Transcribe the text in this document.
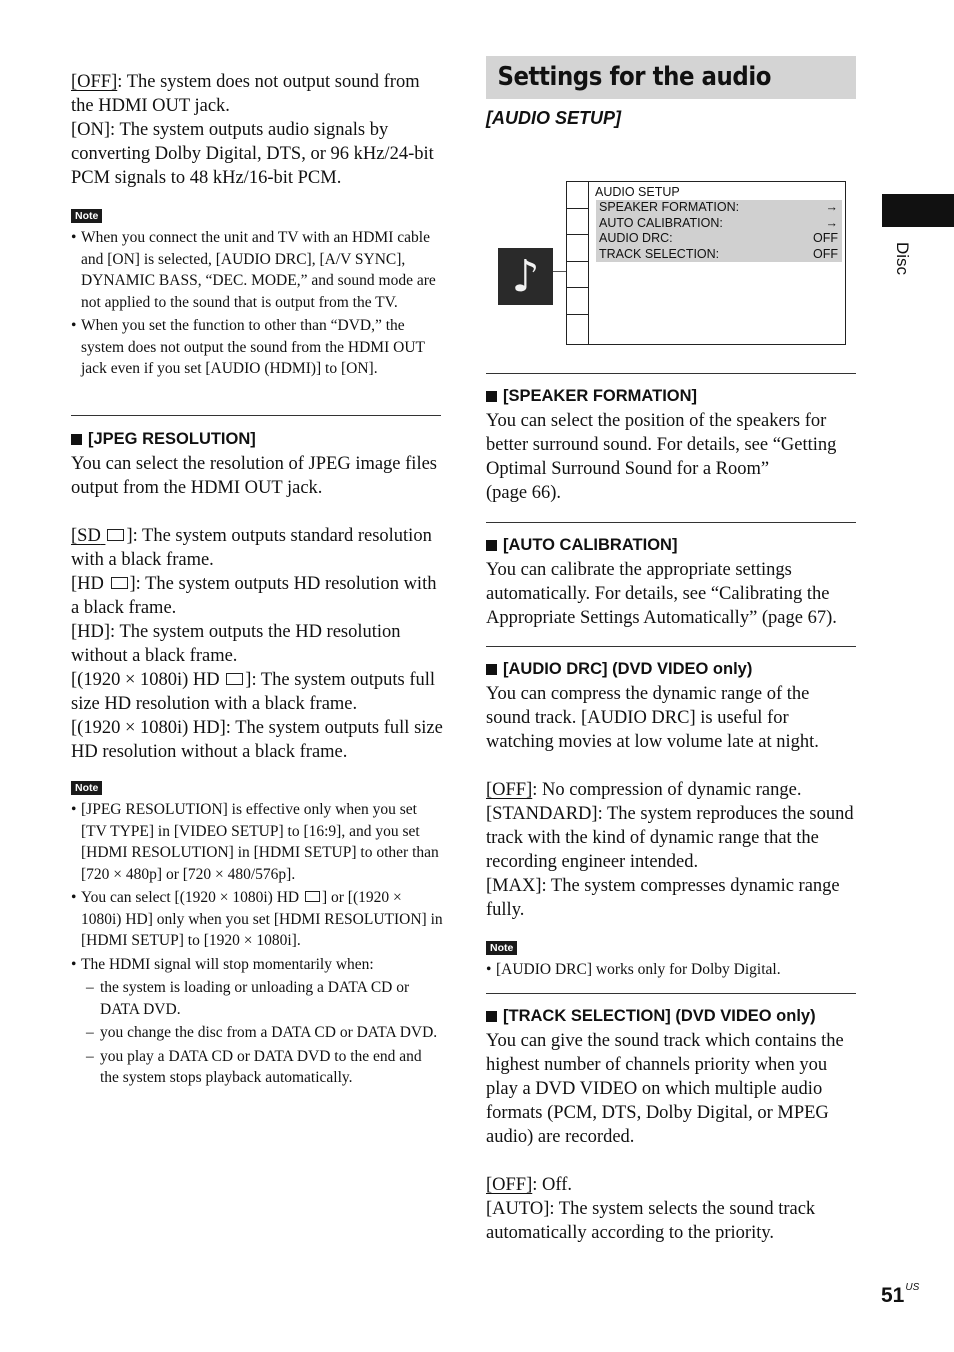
[OFF]: The system does not output sound from the HDMI OUT jack.

[ON]: The system outputs audio signals by converting Dolby Digital, DTS, or 96 kHz/24-bit PCM signals to 48 kHz/16-bit PCM.

Note
• When you connect the unit and TV with an HDMI cable and [ON] is selected, [AUDIO DRC], [A/V SYNC], DYNAMIC BASS, “DEC. MODE,” and sound mode are not applied to the sound that is output from the TV.
• When you set the function to other than “DVD,” the system does not output the sound from the HDMI OUT jack even if you set [AUDIO (HDMI)] to [ON].
[JPEG RESOLUTION]

You can select the resolution of JPEG image files output from the HDMI OUT jack.

[SD ]: The system outputs standard resolution with a black frame.

[HD ]: The system outputs HD resolution with a black frame.

[HD]: The system outputs the HD resolution without a black frame.

[(1920 × 1080i) HD ]: The system outputs full size HD resolution with a black frame.

[(1920 × 1080i) HD]: The system outputs full size HD resolution without a black frame.

Note
• [JPEG RESOLUTION] is effective only when you set [TV TYPE] in [VIDEO SETUP] to [16:9], and you set [HDMI RESOLUTION] in [HDMI SETUP] to other than [720 × 480p] or [720 × 480/576p].
• You can select [(1920 × 1080i) HD ] or [(1920 × 1080i) HD] only when you set [HDMI RESOLUTION] in [HDMI SETUP] to [1920 × 1080i].
• The HDMI signal will stop momentarily when:
– the system is loading or unloading a DATA CD or DATA DVD.
– you change the disc from a DATA CD or DATA DVD.
– you play a DATA CD or DATA DVD to the end and the system stops playback automatically.
Settings for the audio
[AUDIO SETUP]
♪
AUDIO SETUP
SPEAKER FORMATION:	→
AUTO CALIBRATION:	→
AUDIO DRC:	OFF
TRACK SELECTION:	OFF
[SPEAKER FORMATION]

You can select the position of the speakers for better surround sound. For details, see “Getting Optimal Surround Sound for a Room”

(page 66).

[AUTO CALIBRATION]

You can calibrate the appropriate settings automatically. For details, see “Calibrating the Appropriate Settings Automatically” (page 67).

[AUDIO DRC] (DVD VIDEO only)

You can compress the dynamic range of the sound track. [AUDIO DRC] is useful for watching movies at low volume late at night.

[OFF]: No compression of dynamic range.

[STANDARD]: The system reproduces the sound track with the kind of dynamic range that the recording engineer intended.

[MAX]: The system compresses dynamic range fully.

Note
• [AUDIO DRC] works only for Dolby Digital.
[TRACK SELECTION] (DVD VIDEO only)

You can give the sound track which contains the highest number of channels priority when you play a DVD VIDEO on which multiple audio formats (PCM, DTS, Dolby Digital, or MPEG audio) are recorded.

[OFF]: Off.

[AUTO]: The system selects the sound track automatically according to the priority.

Disc
$51^{US}$
